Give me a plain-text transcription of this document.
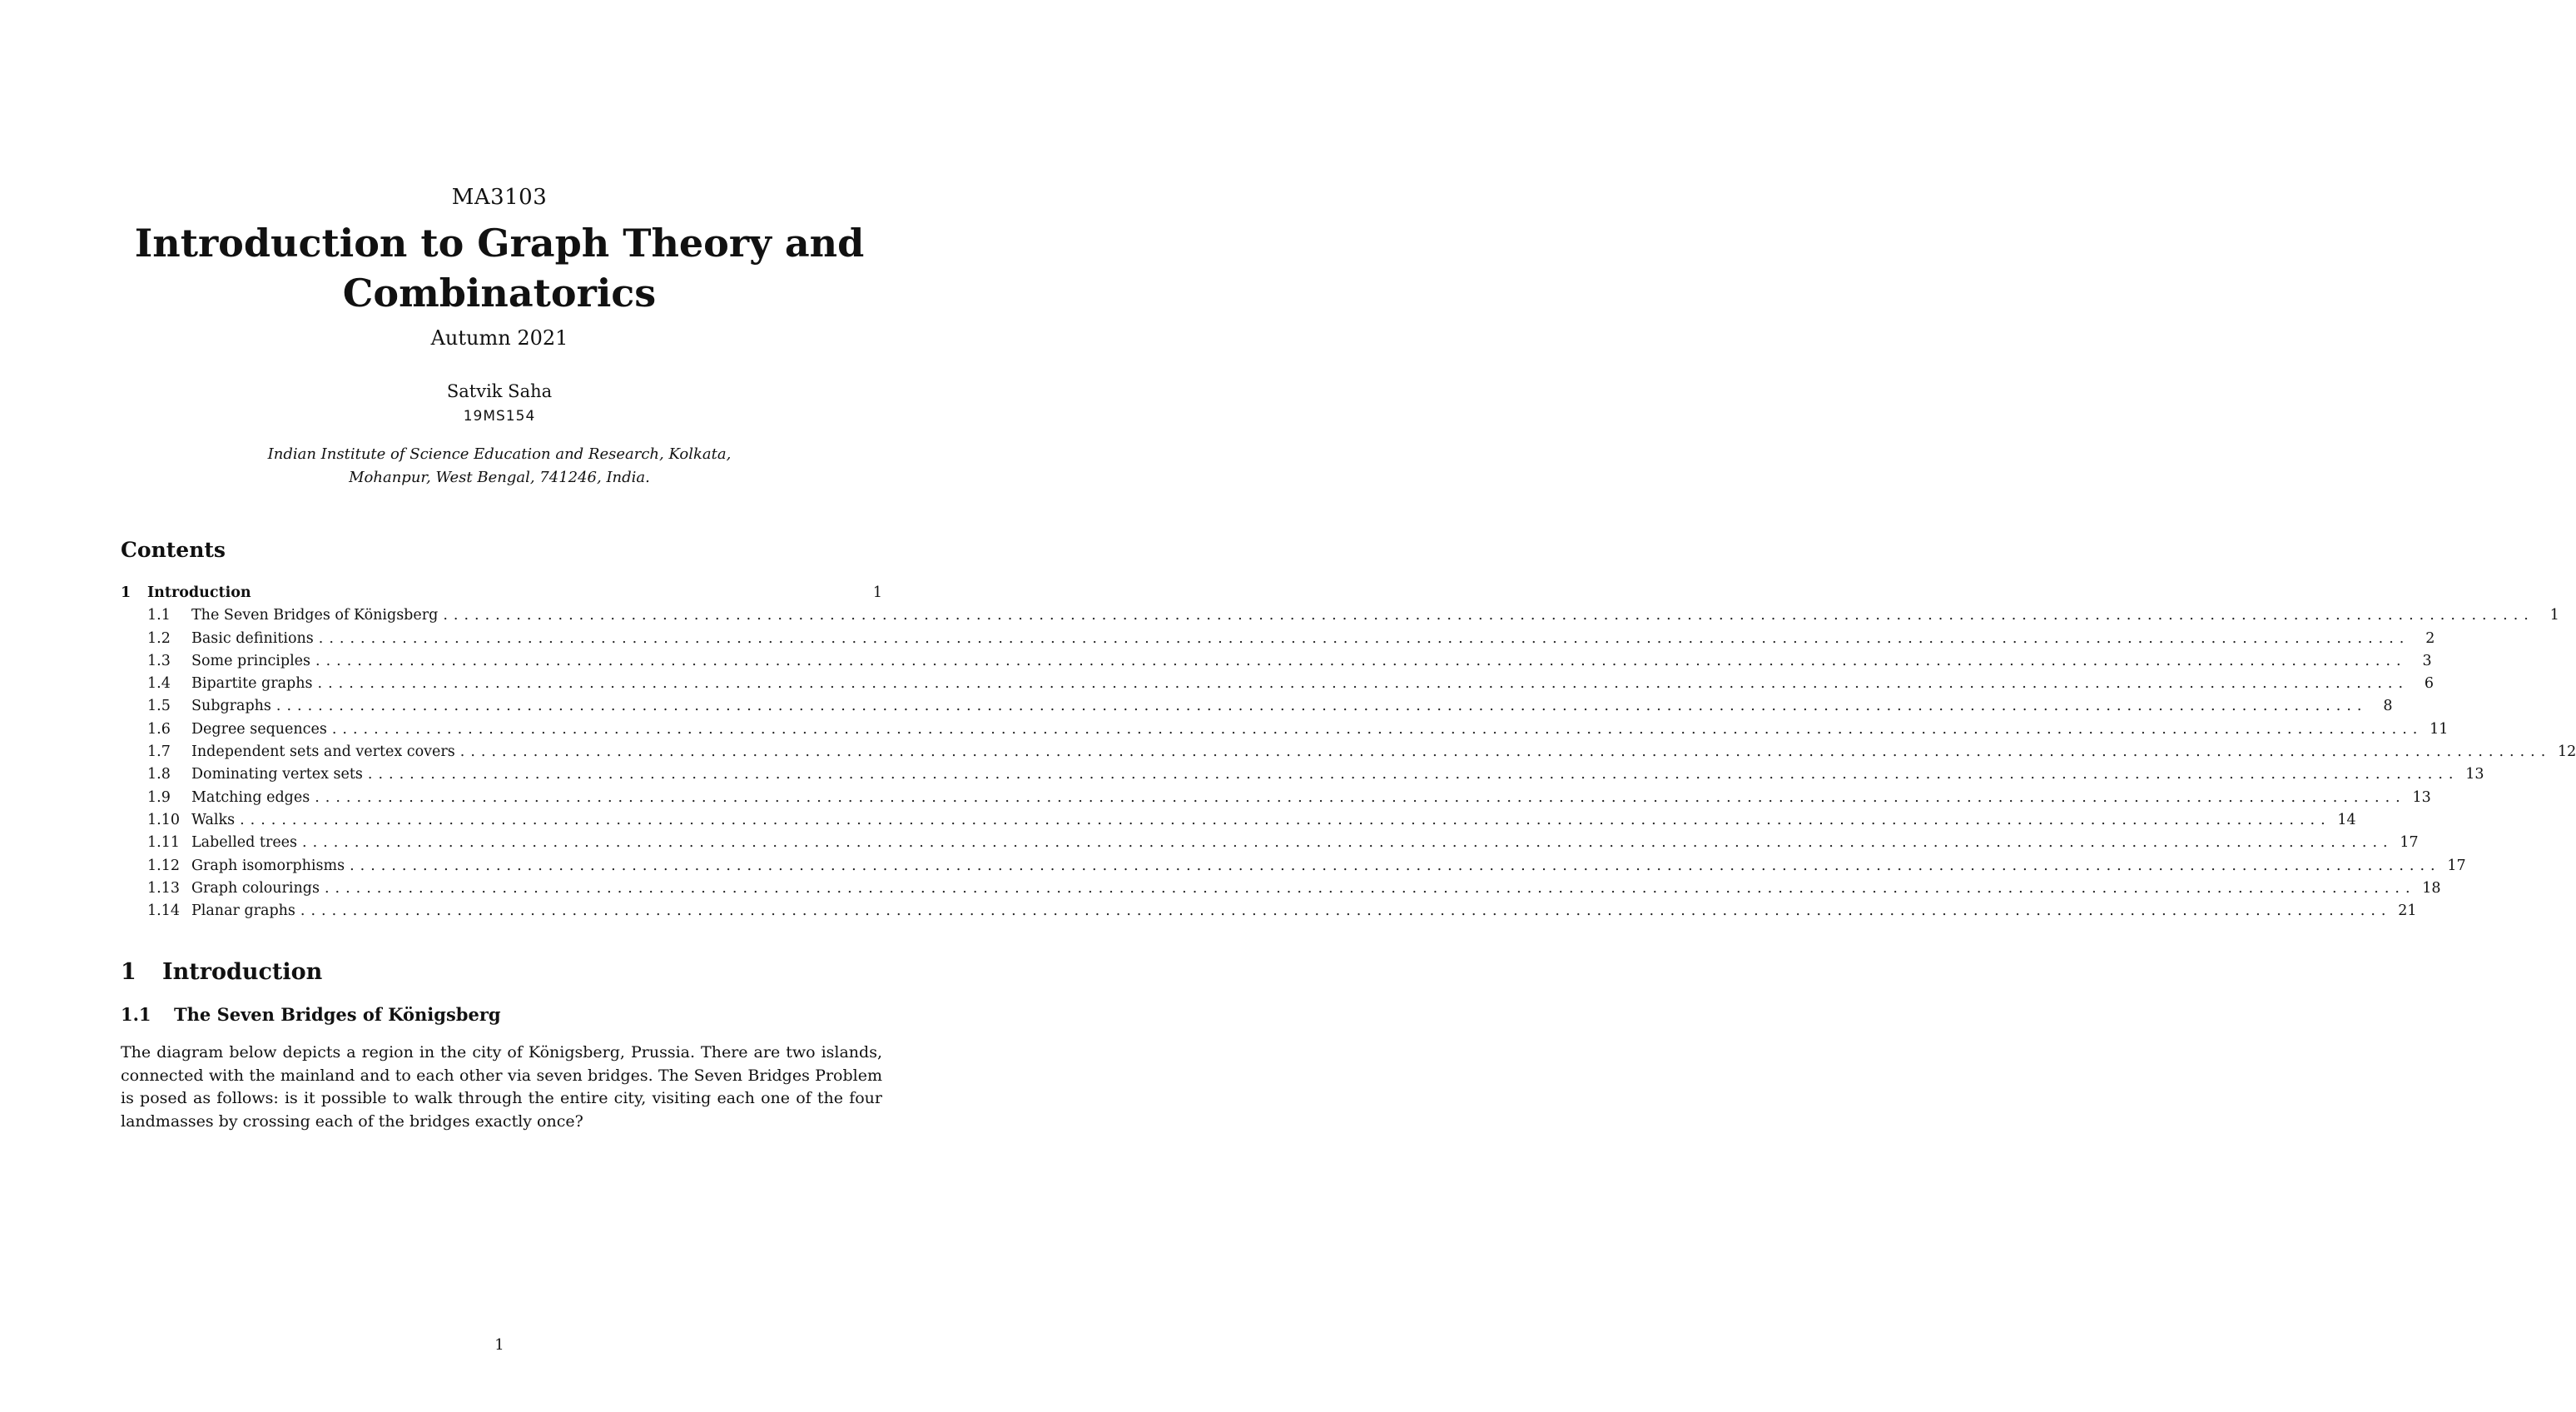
MA3103
Introduction to Graph Theory and Combinatorics
Autumn 2021
Satvik Saha
19MS154
Indian Institute of Science Education and Research, Kolkata,
Mohanpur, West Bengal, 741246, India.
Contents
1	Introduction	1
1.1	The Seven Bridges of Königsberg ........................................................................................................................................................................................................	1
1.2	Basic definitions ........................................................................................................................................................................................................	2
1.3	Some principles ........................................................................................................................................................................................................	3
1.4	Bipartite graphs ........................................................................................................................................................................................................	6
1.5	Subgraphs ........................................................................................................................................................................................................	8
1.6	Degree sequences ........................................................................................................................................................................................................ 11
1.7	Independent sets and vertex covers ........................................................................................................................................................................................................ 12
1.8	Dominating vertex sets ........................................................................................................................................................................................................ 13
1.9	Matching edges ........................................................................................................................................................................................................ 13
1.10 Walks ........................................................................................................................................................................................................ 14
1.11 Labelled trees ........................................................................................................................................................................................................ 17
1.12 Graph isomorphisms ........................................................................................................................................................................................................ 17
1.13 Graph colourings ........................................................................................................................................................................................................ 18
1.14 Planar graphs ........................................................................................................................................................................................................ 21
1 Introduction
1.1 The Seven Bridges of Königsberg
The diagram below depicts a region in the city of Königsberg, Prussia. There are two islands, connected with the mainland and to each other via seven bridges. The Seven Bridges Problem is posed as follows: is it possible to walk through the entire city, visiting each one of the four landmasses by crossing each of the bridges exactly once?
1
